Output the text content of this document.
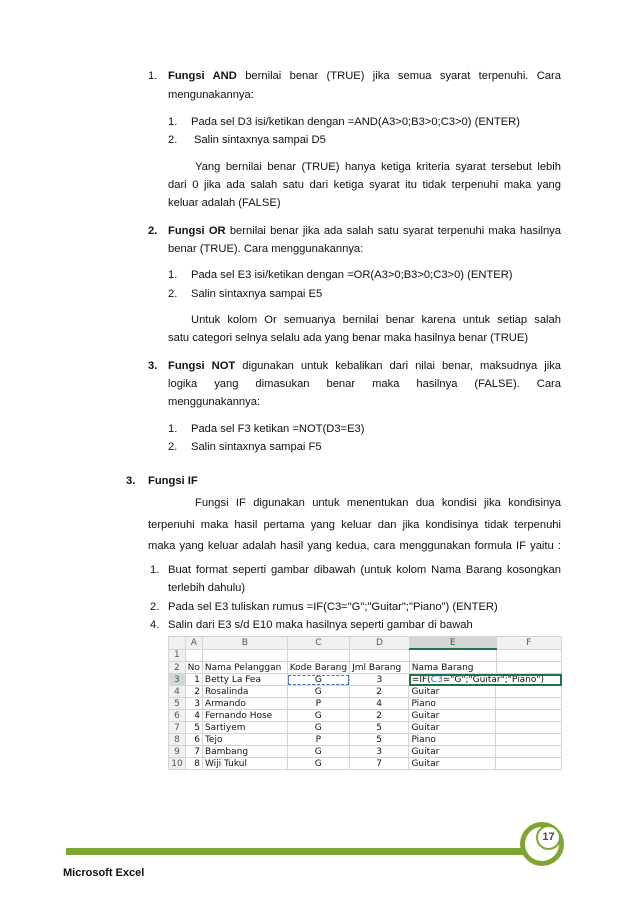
1. Fungsi AND bernilai benar (TRUE) jika semua syarat terpenuhi. Cara
mengunakannya:
1. Pada sel D3 isi/ketikan dengan =AND(A3>0;B3>0;C3>0) (ENTER)
2. Salin sintaxnya sampai D5
Yang bernilai benar (TRUE) hanya ketiga kriteria syarat tersebut lebih
dari 0 jika ada salah satu dari ketiga syarat itu tidak terpenuhi maka yang
keluar adalah (FALSE)
2. Fungsi OR bernilai benar jika ada salah satu syarat terpenuhi maka hasilnya
benar (TRUE). Cara menggunakannya:
1. Pada sel E3 isi/ketikan dengan =OR(A3>0;B3>0;C3>0) (ENTER)
2. Salin sintaxnya sampai E5
Untuk kolom Or semuanya bernilai benar karena untuk setiap salah
satu categori selnya selalu ada yang benar maka hasilnya benar (TRUE)
3. Fungsi NOT digunakan untuk kebalikan dari nilai benar, maksudnya jika
logika yang dimasukan benar maka hasilnya (FALSE). Cara
menggunakannya:
1. Pada sel F3 ketikan =NOT(D3=E3)
2. Salin sintaxnya sampai F5
3. Fungsi IF
Fungsi IF digunakan untuk menentukan dua kondisi jika kondisinya
terpenuhi maka hasil pertama yang keluar dan jika kondisinya tidak terpenuhi
maka yang keluar adalah hasil yang kedua, cara menggunakan formula IF yaitu :
1. Buat format seperti gambar dibawah (untuk kolom Nama Barang kosongkan
terlebih dahulu)
2. Pada sel E3 tuliskan rumus =IF(C3="G";"Guitar";"Piano") (ENTER)
4. Salin dari E3 s/d E10 maka hasilnya seperti gambar di bawah
	A	B	C	D	E	F
1						
2	No	Nama Pelanggan	Kode Barang	Jml Barang	Nama Barang	
3	1	Betty La Fea	G	3	=IF(C3="G";"Guitar";"Piano")	
4	2	Rosalinda	G	2	Guitar	
5	3	Armando	P	4	Piano	
6	4	Fernando Hose	G	2	Guitar	
7	5	Sartiyem	G	5	Guitar	
8	6	Tejo	P	5	Piano	
9	7	Bambang	G	3	Guitar	
10	8	Wiji Tukul	G	7	Guitar	
17
Microsoft Excel
